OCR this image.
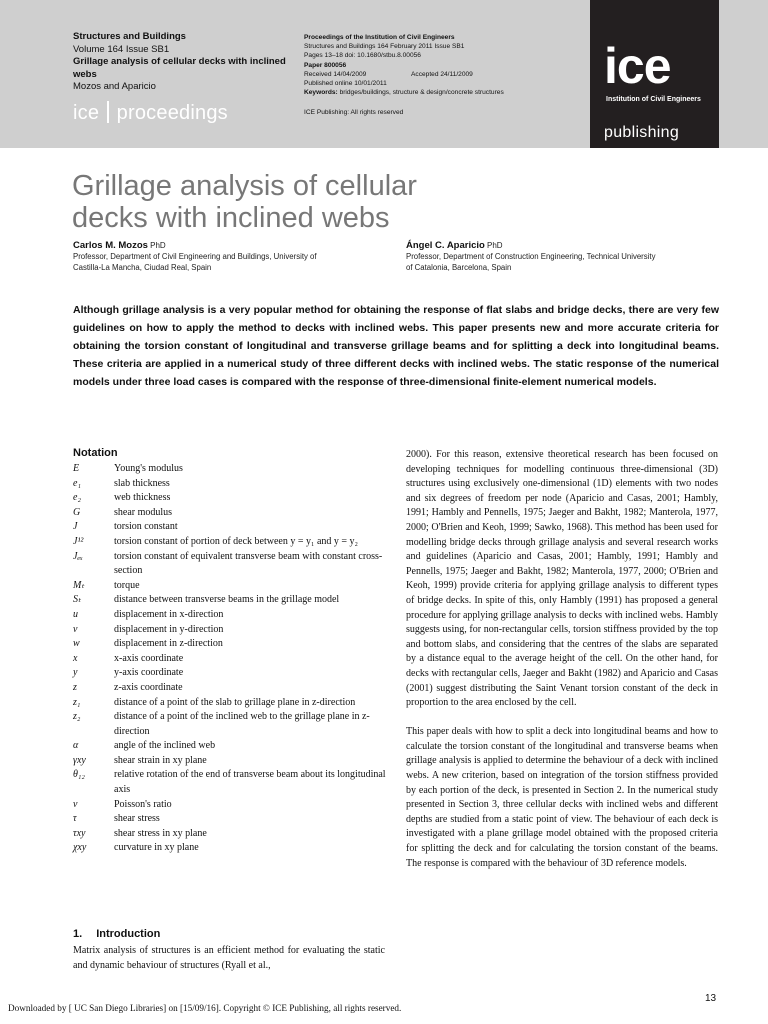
Structures and Buildings
Volume 164 Issue SB1
Grillage analysis of cellular decks with inclined webs
Mozos and Aparicio
ice proceedings
Proceedings of the Institution of Civil Engineers
Structures and Buildings 164 February 2011 Issue SB1
Pages 13–18 doi: 10.1680/stbu.8.00056
Paper 800056
Received 14/04/2009	Accepted 24/11/2009
Published online 10/01/2011
Keywords: bridges/buildings, structure & design/concrete structures
ICE Publishing: All rights reserved
ice
Institution of Civil Engineers
publishing
Grillage analysis of cellular
decks with inclined webs
Carlos M. Mozos PhD
Professor, Department of Civil Engineering and Buildings, University of
Castilla-La Mancha, Ciudad Real, Spain
Ángel C. Aparicio PhD
Professor, Department of Construction Engineering, Technical University
of Catalonia, Barcelona, Spain
Although grillage analysis is a very popular method for obtaining the response of flat slabs and bridge decks, there are very few guidelines on how to apply the method to decks with inclined webs. This paper presents new and more accurate criteria for obtaining the torsion constant of longitudinal and transverse grillage beams and for splitting a deck into longitudinal beams. These criteria are applied in a numerical study of three different decks with inclined webs. The static response of the numerical models under three load cases is compared with the response of three-dimensional finite-element numerical models.
Notation
E	Young's modulus
e₁	slab thickness
e₂	web thickness
G	shear modulus
J	torsion constant
J¹²	torsion constant of portion of deck between y = y₁ and y = y₂
Jₑₓ	torsion constant of equivalent transverse beam with constant cross-section
Mₜ	torque
Sₜ	distance between transverse beams in the grillage model
u	displacement in x-direction
v	displacement in y-direction
w	displacement in z-direction
x	x-axis coordinate
y	y-axis coordinate
z	z-axis coordinate
z₁	distance of a point of the slab to grillage plane in z-direction
z₂	distance of a point of the inclined web to the grillage plane in z-direction
α	angle of the inclined web
γxy	shear strain in xy plane
θ₁₂	relative rotation of the end of transverse beam about its longitudinal axis
ν	Poisson's ratio
τ	shear stress
τxy	shear stress in xy plane
χxy	curvature in xy plane
1. Introduction
Matrix analysis of structures is an efficient method for evaluating the static and dynamic behaviour of structures (Ryall et al.,

2000). For this reason, extensive theoretical research has been focused on developing techniques for modelling continuous three-dimensional (3D) structures using exclusively one-dimensional (1D) elements with two nodes and six degrees of freedom per node (Aparicio and Casas, 2001; Hambly, 1991; Hambly and Pennells, 1975; Jaeger and Bakht, 1982; Manterola, 1977, 2000; O'Brien and Keoh, 1999; Sawko, 1968). This method has been used for modelling bridge decks through grillage analysis and several research works and guidelines (Aparicio and Casas, 2001; Hambly, 1991; Hambly and Pennells, 1975; Jaeger and Bakht, 1982; Manterola, 1977, 2000; O'Brien and Keoh, 1999) provide criteria for applying grillage analysis to different types of bridge decks. In spite of this, only Hambly (1991) has proposed a general procedure for applying grillage analysis to decks with inclined webs. Hambly suggests using, for non-rectangular cells, torsion stiffness provided by the top and bottom slabs, and considering that the centres of the slabs are separated by a distance equal to the average height of the cell. On the other hand, for decks with rectangular cells, Jaeger and Bakht (1982) and Aparicio and Casas (2001) suggest distributing the Saint Venant torsion constant of the deck in proportion to the area enclosed by the cell.

This paper deals with how to split a deck into longitudinal beams and how to calculate the torsion constant of the longitudinal and transverse beams when grillage analysis is applied to determine the behaviour of a deck with inclined webs. A new criterion, based on integration of the torsion stiffness provided by each portion of the deck, is presented in Section 2. In the numerical study presented in Section 3, three cellular decks with inclined webs and different depths are studied from a static point of view. The behaviour of each deck is investigated with a plane grillage model obtained with the proposed criteria for splitting the deck and for calculating the torsion constant of the beams. The response is compared with the behaviour of 3D reference models.

13
Downloaded by [ UC San Diego Libraries] on [15/09/16]. Copyright © ICE Publishing, all rights reserved.
